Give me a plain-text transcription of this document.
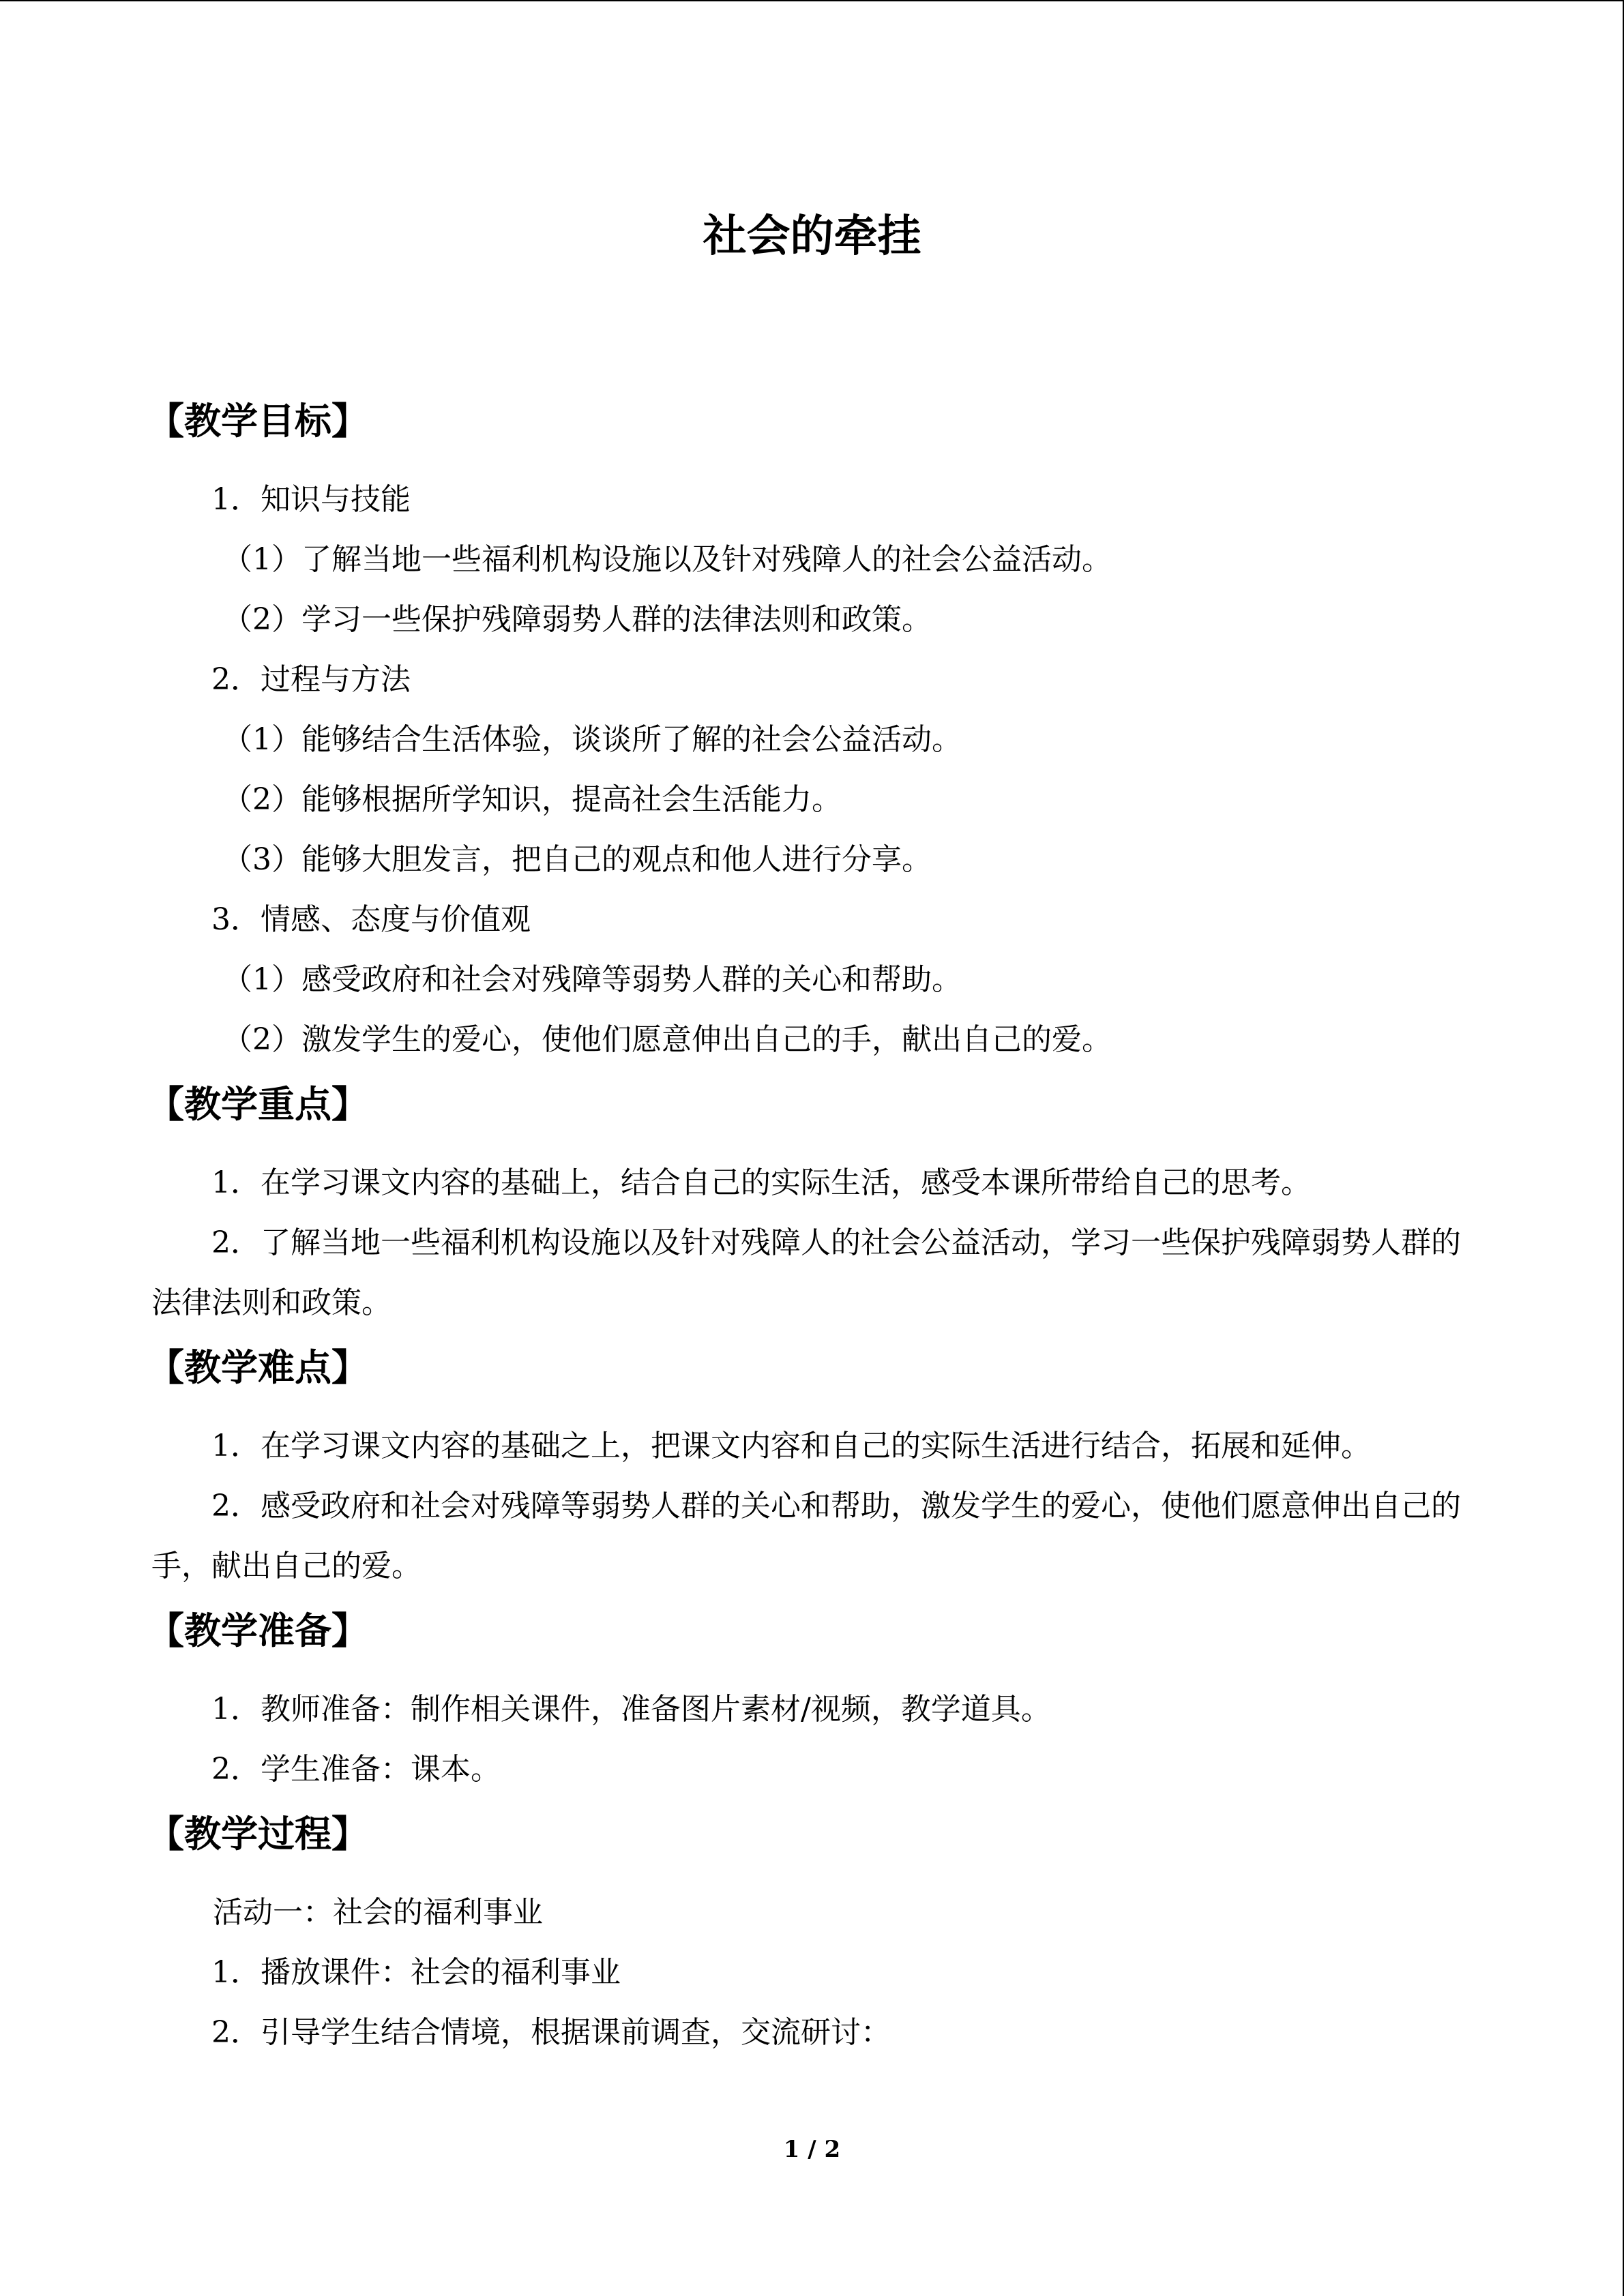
社会的牵挂
【教学目标】
1．知识与技能
（1）了解当地一些福利机构设施以及针对残障人的社会公益活动。
（2）学习一些保护残障弱势人群的法律法则和政策。
2．过程与方法
（1）能够结合生活体验，谈谈所了解的社会公益活动。
（2）能够根据所学知识，提高社会生活能力。
（3）能够大胆发言，把自己的观点和他人进行分享。
3．情感、态度与价值观
（1）感受政府和社会对残障等弱势人群的关心和帮助。
（2）激发学生的爱心，使他们愿意伸出自己的手，献出自己的爱。
【教学重点】
1．在学习课文内容的基础上，结合自己的实际生活，感受本课所带给自己的思考。
2．了解当地一些福利机构设施以及针对残障人的社会公益活动，学习一些保护残障弱势人群的法律法则和政策。
【教学难点】
1．在学习课文内容的基础之上，把课文内容和自己的实际生活进行结合，拓展和延伸。
2．感受政府和社会对残障等弱势人群的关心和帮助，激发学生的爱心，使他们愿意伸出自己的手，献出自己的爱。
【教学准备】
1．教师准备：制作相关课件，准备图片素材/视频，教学道具。
2．学生准备：课本。
【教学过程】
活动一：社会的福利事业
1．播放课件：社会的福利事业
2．引导学生结合情境，根据课前调查，交流研讨：
1 / 2
